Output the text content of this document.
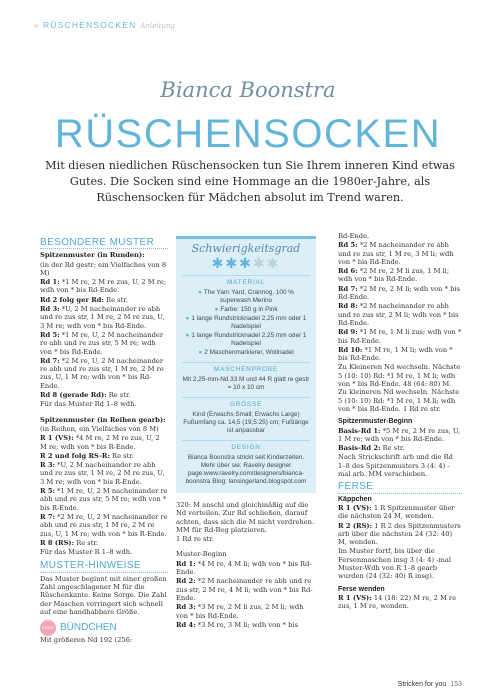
» RÜSCHENSOCKEN Anleitung
Bianca Boonstra
RÜSCHENSOCKEN

Mit diesen niedlichen Rüschensocken tun Sie Ihrem inneren Kind etwas Gutes. Die Socken sind eine Hommage an die 1980er-Jahre, als Rüschensocken für Mädchen absolut im Trend waren.

BESONDERE MUSTER
Spitzenmuster (in Runden):
(in der Rd gestr; ein Vielfaches von 8 M)
Rd 1: *1 M re, 2 M re zus, U, 2 M re; wdh von * bis Rd-Ende.
Rd 2 folg ger Rd: Re str.
Rd 3: *U, 2 M nacheinander re abh und re zus str, 1 M re, 2 M re zus, U, 3 M re; wdh von * bis Rd-Ende.
Rd 5: *1 M re, U, 2 M nacheinander re abh und re zus str, 5 M re; wdh von * bis Rd-Ende.
Rd 7: *2 M re, U, 2 M nacheinander re abh und re zus str, 1 M re, 2 M re zus, U, 1 M re; wdh von * bis Rd-Ende.
Rd 8 (gerade Rd): Re str.
Für das Muster Rd 1–8 wdh.
Spitzenmuster (in Reihen gearb):
(in Reihen, ein Vielfaches von 8 M)
R 1 (VS): *4 M re, 2 M re zus, U, 2 M re; wdh von * bis R-Ende.
R 2 und folg RS-R: Re str.
R 3: *U, 2 M nacheinander re abh und re zus str, 1 M re, 2 M re zus, U, 3 M re; wdh von * bis R-Ende.
R 5: *1 M re, U, 2 M nacheinander re abh und re zus str, 5 M re; wdh von * bis R-Ende.
R 7: *2 M re, U, 2 M nacheinander re abh und re zus str, 1 M re, 2 M re zus, U, 1 M re; wdh von * bis R-Ende.
R 8 (RS): Re str.
Für das Muster R 1–8 wdh.
MUSTER-HINWEISE
Das Muster beginnt mit einer großen Zahl angeschlagener M für die Rüschenkante. Keine Sorge. Die Zahl der Maschen verringert sich schnell auf eine handhabbare Größe.
START BÜNDCHEN
Mit größeren Nd 192 (256:
Schwierigkeitsgrad
✱✱✱✱✱
MATERIAL
● The Yarn Yard, Crannog, 100 % superwash Merino
● Farbe: 150 g in Pink
● 1 lange Rundstricknadel 2,25 mm oder 1 Nadelspiel
● 1 lange Rundstricknadel 2,25 mm oder 1 Nadelspiel
● 2 Maschenmarkierer, Wollnadel
MASCHENPROBE
Mit 2,25-mm-Nd 33 M und 44 R glatt re gestr = 10 x 10 cm
GRÖSSE
Kind (Erwachs Small; Erwachs Large) Fußumfang ca. 14,5 (19,5:25) cm; Fußlänge ist anpassbar
DESIGN
Bianca Boonstra strickt seit Kinderzeiten. Mehr über sie: Ravelry designer page:www.ravelry.com/designers/bianca-boonstra Blog: lansingerland.blogspot.com
320: M anschl und gleichmäßig auf die Nd verteilen. Zur Rd schließen, darauf achten, dass sich die M nicht verdrehen. MM für Rd-Beg platzieren.
1 Rd re str.
Muster-Beginn
Rd 1: *4 M re, 4 M li; wdh von * bis Rd-Ende.
Rd 2: *2 M nacheinander re abh und re zus str, 2 M re, 4 M li; wdh von * bis Rd-Ende.
Rd 3: *3 M re, 2 M li zus, 2 M li; wdh von * bis Rd-Ende.
Rd 4: *3 M re, 3 M li; wdh von * bis
Rd-Ende.
Rd 5: *2 M nacheinander re abh und re zus str, 1 M re, 3 M li; wdh von * bis Rd-Ende.
Rd 6: *2 M re, 2 M li zus, 1 M li; wdh von * bis Rd-Ende.
Rd 7: *2 M re, 2 M li; wdh von * bis Rd-Ende.
Rd 8: *2 M nacheinander re abh und re zus str, 2 M li; wdh von * bis Rd-Ende.
Rd 9: *1 M re, 1 M li zus; wdh von * bis Rd-Ende.
Rd 10: *1 M re, 1 M li; wdh von * bis Rd-Ende.
Zu Kleineren Nd wechseln. Nächste 5 (10: 10) Rd: *1 M re, 1 M li; wdh von * bis Rd-Ende. 48 (64: 80) M. Zu kleineren Nd wechseln. Nächste 5 (10: 10) Rd: *1 M re, 1 M li; wdh von * bis Rd-Ende. 1 Rd re str.
Spitzenmuster-Beginn
Basis-Rd 1: *5 M re, 2 M re zus, U, 1 M re; wdh von * bis Rd-Ende.
Basis-Rd 2: Re str.
Nach Strickschrift arb und die Rd 1–8 des Spitzenmusters 3 (4: 4) -mal arb. MM verschieben.
FERSE
Käppchen
R 1 (VS): 1 R Spitzenmuster über die nächsten 24 M, wenden.
R 2 (RS): 1 R 2 des Spitzenmusters arb über die nächsten 24 (32: 40) M, wenden.
Im Muster fortf, bis über die Fersenmaschen insg 3 (4: 4) -mal Muster-Wdh von R 1–8 gearb wurden (24 (32: 40) R insg).
Ferse wenden
R 1 (VS): 14 (18: 22) M re, 2 M re zus, 1 M re, wenden.
Stricken for you 153
